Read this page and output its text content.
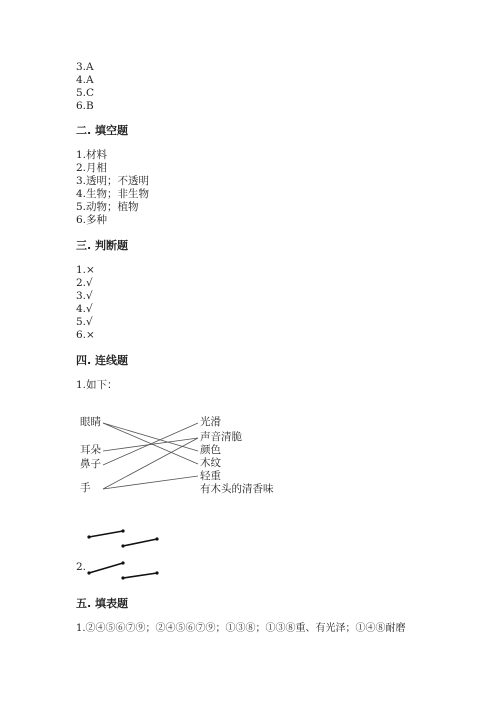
3.A
4.A
5.C
6.B
二. 填空题
1.材料
2.月相
3.透明；不透明
4.生物；非生物
5.动物；植物
6.多种
三. 判断题
1.×
2.√
3.√
4.√
5.√
6.×
四. 连线题
1.如下：
眼睛
耳朵
鼻子
手
光滑
声音清脆
颜色
木纹
轻重
有木头的清香味
2.
五. 填表题
1.②④⑤⑥⑦⑨；②④⑤⑥⑦⑨；①③⑧；①③⑧重、有光泽；①④⑧耐磨
